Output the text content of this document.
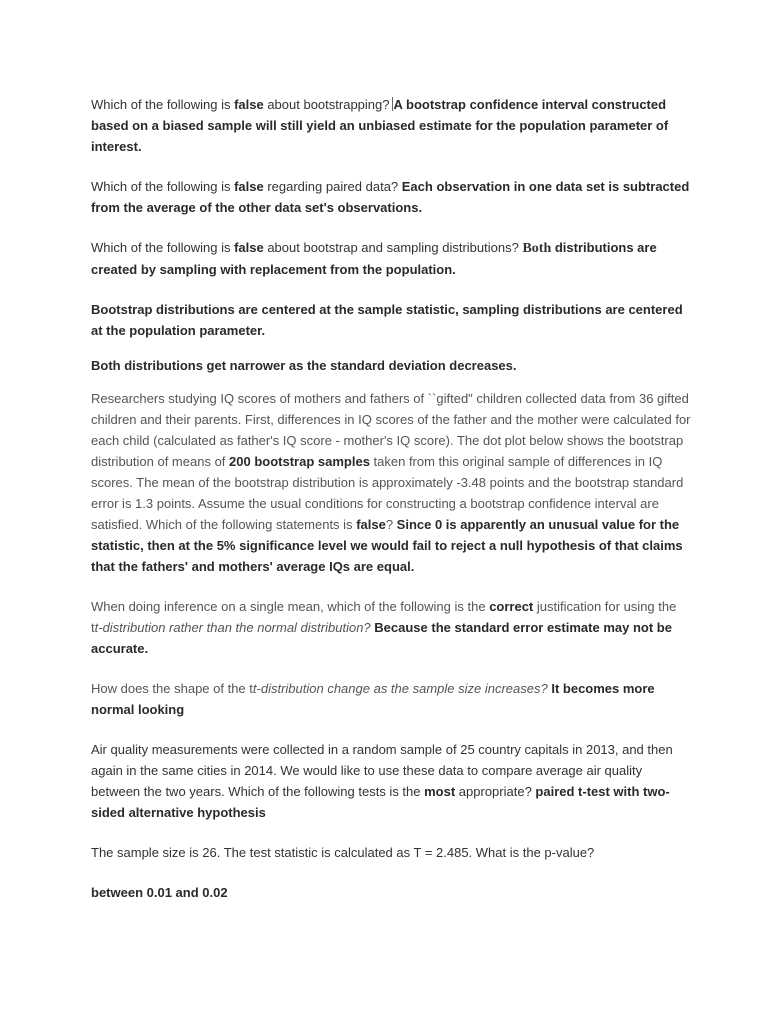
Which of the following is false about bootstrapping? A bootstrap confidence interval constructed based on a biased sample will still yield an unbiased estimate for the population parameter of interest.

Which of the following is false regarding paired data? Each observation in one data set is subtracted from the average of the other data set's observations.

Which of the following is false about bootstrap and sampling distributions? Both distributions are created by sampling with replacement from the population.

Bootstrap distributions are centered at the sample statistic, sampling distributions are centered at the population parameter.

Both distributions get narrower as the standard deviation decreases.

Researchers studying IQ scores of mothers and fathers of ``gifted" children collected data from 36 gifted children and their parents. First, differences in IQ scores of the father and the mother were calculated for each child (calculated as father's IQ score - mother's IQ score). The dot plot below shows the bootstrap distribution of means of 200 bootstrap samples taken from this original sample of differences in IQ scores. The mean of the bootstrap distribution is approximately -3.48 points and the bootstrap standard error is 1.3 points. Assume the usual conditions for constructing a bootstrap confidence interval are satisfied. Which of the following statements is false? Since 0 is apparently an unusual value for the statistic, then at the 5% significance level we would fail to reject a null hypothesis of that claims that the fathers' and mothers' average IQs are equal.

When doing inference on a single mean, which of the following is the correct justification for using the tt-distribution rather than the normal distribution? Because the standard error estimate may not be accurate.

How does the shape of the tt-distribution change as the sample size increases? It becomes more normal looking

Air quality measurements were collected in a random sample of 25 country capitals in 2013, and then again in the same cities in 2014. We would like to use these data to compare average air quality between the two years. Which of the following tests is the most appropriate? paired t-test with two-sided alternative hypothesis

The sample size is 26. The test statistic is calculated as T = 2.485. What is the p-value?

between 0.01 and 0.02
